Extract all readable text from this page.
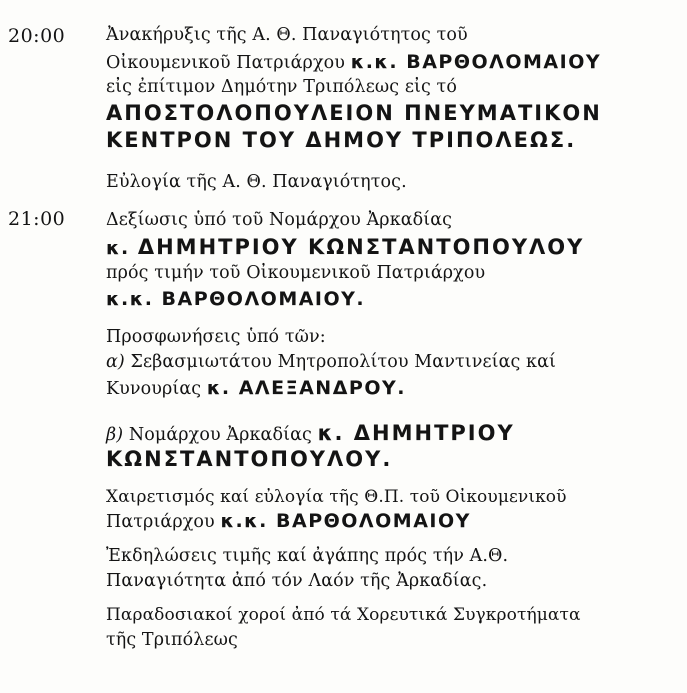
20:00 Ἀνακήρυξις τῆς Α. Θ. Παναγιότητος τοῦ
Οἰκουμενικοῦ Πατριάρχου κ.κ. ΒΑΡΘΟΛΟΜΑΙΟΥ
εἰς ἐπίτιμον Δημότην Τριπόλεως εἰς τό
ΑΠΟΣΤΟΛΟΠΟΥΛΕΙΟΝ ΠΝΕΥΜΑΤΙΚΟΝ
ΚΕΝΤΡΟΝ ΤΟΥ ΔΗΜΟΥ ΤΡΙΠΟΛΕΩΣ.
Εὐλογία τῆς Α. Θ. Παναγιότητος.
21:00 Δεξίωσις ὑπό τοῦ Νομάρχου Ἀρκαδίας
κ. ΔΗΜΗΤΡΙΟΥ ΚΩΝΣΤΑΝΤΟΠΟΥΛΟΥ
πρός τιμήν τοῦ Οἰκουμενικοῦ Πατριάρχου
κ.κ. ΒΑΡΘΟΛΟΜΑΙΟΥ.
Προσφωνήσεις ὑπό τῶν:
α) Σεβασμιωτάτου Μητροπολίτου Μαντινείας καί
Κυνουρίας κ. ΑΛΕΞΑΝΔΡΟΥ.
β) Νομάρχου Ἀρκαδίας κ. ΔΗΜΗΤΡΙΟΥ
ΚΩΝΣΤΑΝΤΟΠΟΥΛΟΥ.
Χαιρετισμός καί εὐλογία τῆς Θ.Π. τοῦ Οἰκουμενικοῦ
Πατριάρχου κ.κ. ΒΑΡΘΟΛΟΜΑΙΟΥ
Ἐκδηλώσεις τιμῆς καί ἀγάπης πρός τήν Α.Θ.
Παναγιότητα ἀπό τόν Λαόν τῆς Ἀρκαδίας.
Παραδοσιακοί χοροί ἀπό τά Χορευτικά Συγκροτήματα
τῆς Τριπόλεως
